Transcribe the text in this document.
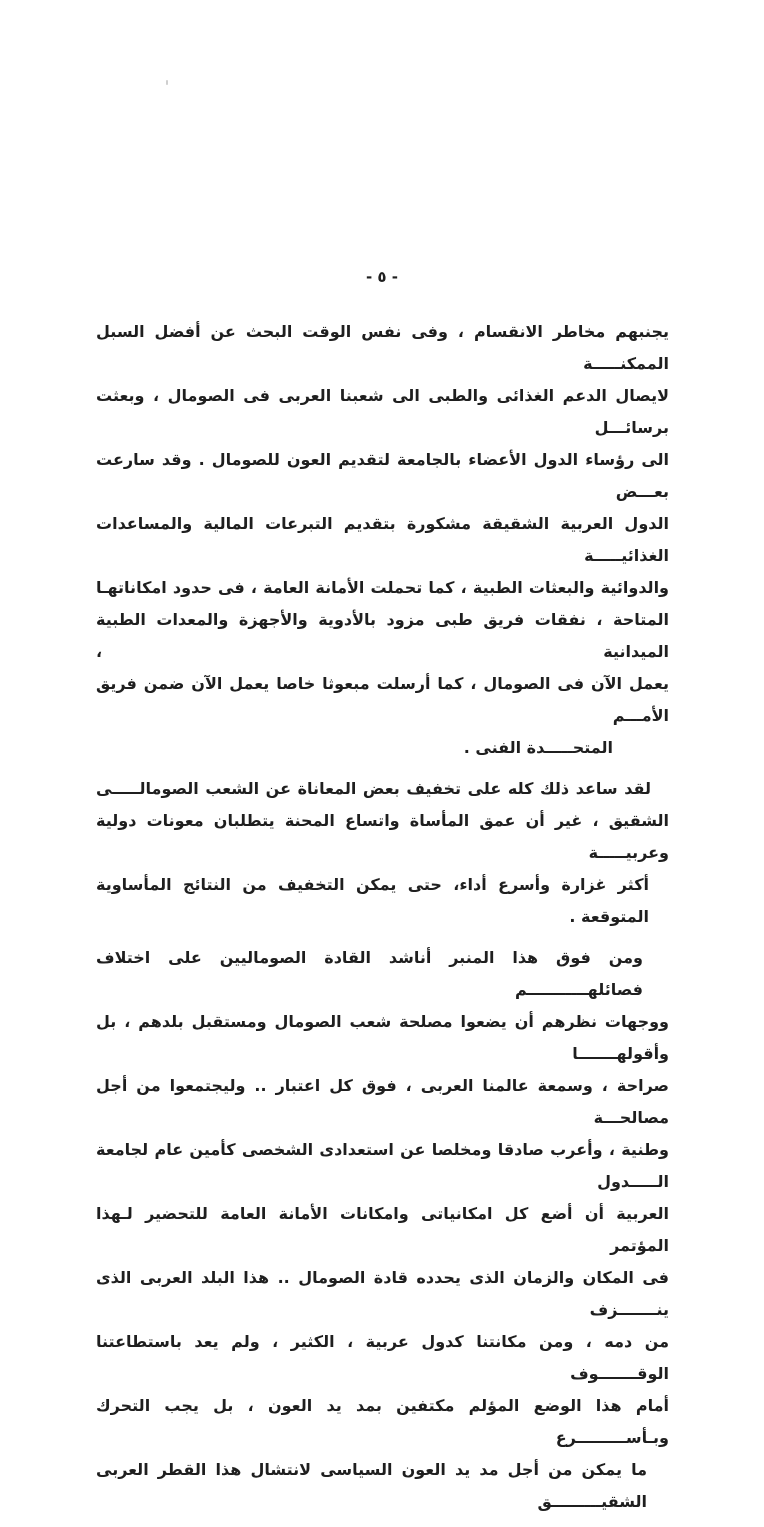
- ٥ -
يجنبهم مخاطر الانقسام ، وفى نفس الوقت البحث عن أفضل السبل الممكنـــــة
لايصال الدعم الغذائى والطبى الى شعبنا العربى فى الصومال ، وبعثت برسائـــل
الى رؤساء الدول الأعضاء بالجامعة لتقديم العون للصومال . وقد سارعت بعـــض
الدول العربية الشقيقة مشكورة بتقديم التبرعات المالية والمساعدات الغذائيـــــة
والدوائية والبعثات الطبية ، كما تحملت الأمانة العامة ، فى حدود امكاناتهـا
المتاحة ، نفقات فريق طبى مزود بالأدوية والأجهزة والمعدات الطبية الميدانية ،
يعمل الآن فى الصومال ، كما أرسلت مبعوثا خاصا يعمل الآن ضمن فريق الأمـــم
المتحـــــدة الفنى .
لقد ساعد ذلك كله على تخفيف بعض المعاناة عن الشعب الصومالـــــى
الشقيق ، غير أن عمق المأساة واتساع المحنة يتطلبان معونات دولية وعربيـــــة
أكثر غزارة وأسرع أداء، حتى يمكن التخفيف من النتائج المأساوية المتوقعة .
ومن فوق هذا المنبر أناشد القادة الصوماليين على اختلاف فصائلهـــــــــــم
ووجهات نظرهم أن يضعوا مصلحة شعب الصومال ومستقبل بلدهم ، بل وأقولهـــــــا
صراحة ، وسمعة عالمنا العربى ، فوق كل اعتبار .. وليجتمعوا من أجل مصالحـــة
وطنية ، وأعرب صادقا ومخلصا عن استعدادى الشخصى كأمين عام لجامعة الـــــدول
العربية أن أضع كل امكانياتى وامكانات الأمانة العامة للتحضير لـهذا المؤتمر
فى المكان والزمان الذى يحدده قادة الصومال .. هذا البلد العربى الذى ينـــــــزف
من دمه ، ومن مكانتنا كدول عربية ، الكثير ، ولم يعد باستطاعتنا الوقـــــــوف
أمام هذا الوضع المؤلم مكتفين بمد يد العون ، بل يجب التحرك وبـأســـــــــرع
ما يمكن من أجل مد يد العون السياسى لانتشال هذا القطر العربى الشقيـــــــــق
